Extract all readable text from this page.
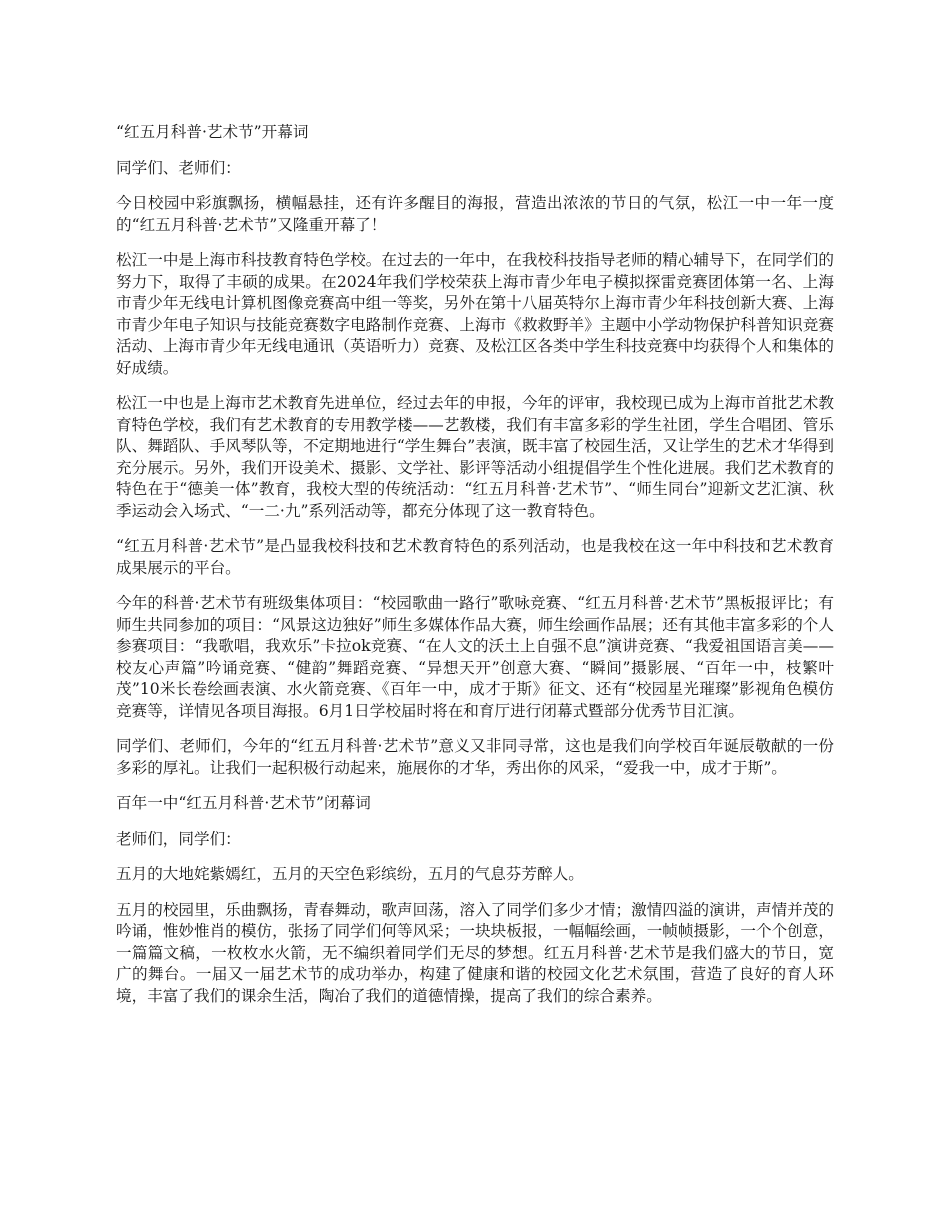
“红五月科普·艺术节”开幕词

同学们、老师们：

今日校园中彩旗飘扬，横幅悬挂，还有许多醒目的海报，营造出浓浓的节日的气氛，松江一中一年一度的“红五月科普·艺术节”又隆重开幕了！

松江一中是上海市科技教育特色学校。在过去的一年中，在我校科技指导老师的精心辅导下，在同学们的努力下，取得了丰硕的成果。在2024年我们学校荣获上海市青少年电子模拟探雷竞赛团体第一名、上海市青少年无线电计算机图像竞赛高中组一等奖，另外在第十八届英特尔上海市青少年科技创新大赛、上海市青少年电子知识与技能竞赛数字电路制作竞赛、上海市《救救野羊》主题中小学动物保护科普知识竞赛活动、上海市青少年无线电通讯（英语听力）竞赛、及松江区各类中学生科技竞赛中均获得个人和集体的好成绩。

松江一中也是上海市艺术教育先进单位，经过去年的申报，今年的评审，我校现已成为上海市首批艺术教育特色学校，我们有艺术教育的专用教学楼——艺教楼，我们有丰富多彩的学生社团，学生合唱团、管乐队、舞蹈队、手风琴队等，不定期地进行“学生舞台”表演，既丰富了校园生活，又让学生的艺术才华得到充分展示。另外，我们开设美术、摄影、文学社、影评等活动小组提倡学生个性化进展。我们艺术教育的特色在于“德美一体”教育，我校大型的传统活动：“红五月科普·艺术节”、“师生同台”迎新文艺汇演、秋季运动会入场式、“一二·九”系列活动等，都充分体现了这一教育特色。

“红五月科普·艺术节”是凸显我校科技和艺术教育特色的系列活动，也是我校在这一年中科技和艺术教育成果展示的平台。

今年的科普·艺术节有班级集体项目：“校园歌曲一路行”歌咏竞赛、“红五月科普·艺术节”黑板报评比；有师生共同参加的项目：“风景这边独好”师生多媒体作品大赛，师生绘画作品展；还有其他丰富多彩的个人参赛项目：“我歌唱，我欢乐”卡拉ok竞赛、“在人文的沃土上自强不息”演讲竞赛、“我爱祖国语言美——校友心声篇”吟诵竞赛、“健韵”舞蹈竞赛、“异想天开”创意大赛、“瞬间”摄影展、“百年一中，枝繁叶茂”10米长卷绘画表演、水火箭竞赛、《百年一中，成才于斯》征文、还有“校园星光璀璨”影视角色模仿竞赛等，详情见各项目海报。6月1日学校届时将在和育厅进行闭幕式暨部分优秀节目汇演。

同学们、老师们，今年的“红五月科普·艺术节”意义又非同寻常，这也是我们向学校百年诞辰敬献的一份多彩的厚礼。让我们一起积极行动起来，施展你的才华，秀出你的风采，“爱我一中，成才于斯”。

百年一中“红五月科普·艺术节”闭幕词

老师们，同学们：

五月的大地姹紫嫣红，五月的天空色彩缤纷，五月的气息芬芳醉人。

五月的校园里，乐曲飘扬，青春舞动，歌声回荡，溶入了同学们多少才情；激情四溢的演讲，声情并茂的吟诵，惟妙惟肖的模仿，张扬了同学们何等风采；一块块板报，一幅幅绘画，一帧帧摄影，一个个创意，一篇篇文稿，一枚枚水火箭，无不编织着同学们无尽的梦想。红五月科普·艺术节是我们盛大的节日，宽广的舞台。一届又一届艺术节的成功举办，构建了健康和谐的校园文化艺术氛围，营造了良好的育人环境，丰富了我们的课余生活，陶冶了我们的道德情操，提高了我们的综合素养。
